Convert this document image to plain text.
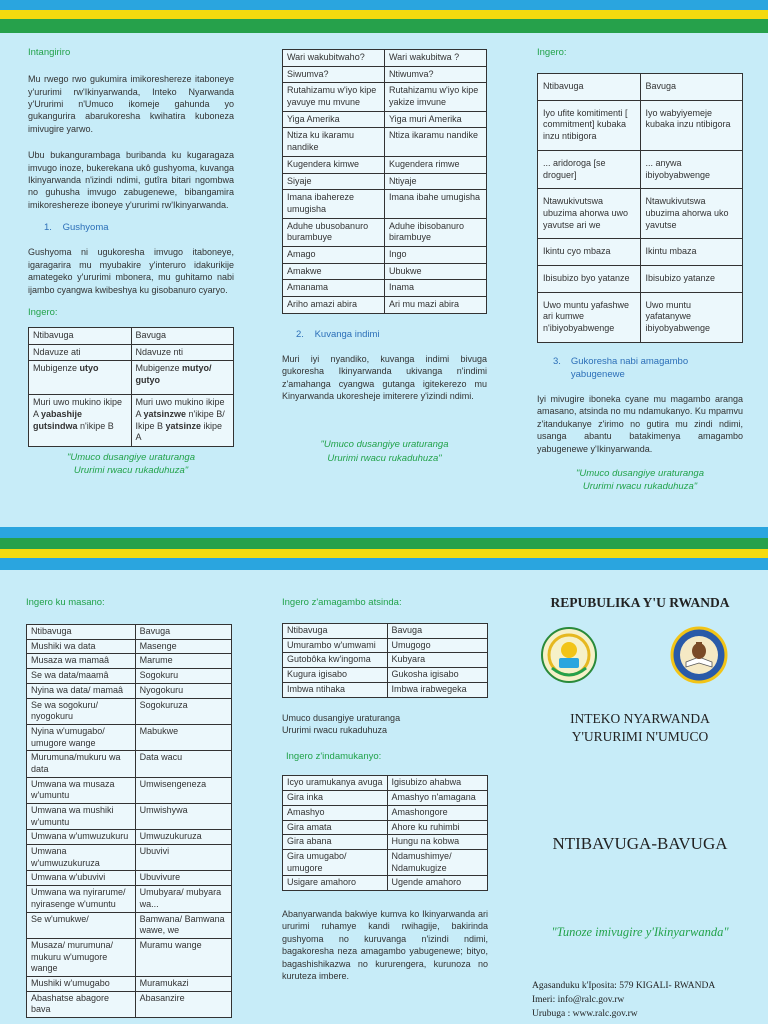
Intangiriro

Mu rwego rwo gukumira imikoreshereze itaboneye y'ururimi rw'Ikinyarwanda, Inteko Nyarwanda y'Ururimi n'Umuco ikomeje gahunda yo gukangurira abarukoresha kwihatira kuboneza imivugire yarwo.

Ubu bukangurambaga buribanda ku kugaragaza imvugo inoze, bukerekana ukô gushyoma, kuvanga Ikinyarwanda n'izindi ndimi, gutîra bitari ngombwa no guhusha imvugo zabugenewe, bibangamira imikoreshereze iboneye y'ururimi rw'Ikinyarwanda.

1. Gushyoma

Gushyoma ni ugukoresha imvugo itaboneye, igaragarira mu myubakire y'interuro idakurikije amategeko y'ururimi mbonera, mu guhitamo nabi ijambo cyangwa kwibeshya ku gisobanuro cyaryo.

Ingero:
Ntibavuga	Bavuga
Ndavuze ati	Ndavuze nti
Mubigenze utyo	Mubigenze mutyo/ gutyo
Muri uwo mukino ikipe A yabashije gutsindwa n'ikipe B	Muri uwo mukino ikipe A yatsinzwe n'ikipe B/ Ikipe B yatsinze ikipe A
"Umuco dusangiye uraturanga
Ururimi rwacu rukaduhuza"
Wari wakubitwaho?	Wari wakubitwa ?
Siwumva?	Ntiwumva?
Rutahizamu w'iyo kipe yavuye mu mvune	Rutahizamu w'iyo kipe yakize imvune
Yiga Amerika	Yiga muri Amerika
Ntiza ku ikaramu nandike	Ntiza ikaramu nandike
Kugendera kimwe	Kugendera rimwe
Siyaje	Ntiyaje
Imana ibahereze umugisha	Imana ibahe umugisha
Aduhe ubusobanuro burambuye	Aduhe ibisobanuro birambuye
Amago	Ingo
Amakwe	Ubukwe
Amanama	Inama
Ariho amazi abira	Ari mu mazi abira
2. Kuvanga indimi

Muri iyi nyandiko, kuvanga indimi bivuga gukoresha Ikinyarwanda ukivanga n'indimi z'amahanga cyangwa gutanga igitekerezo mu Kinyarwanda ukoresheje imiterere y'izindi ndimi.

"Umuco dusangiye uraturanga
Ururimi rwacu rukaduhuza"
Ingero:
Ntibavuga	Bavuga
Iyo ufite komitimenti [ commitment] kubaka inzu ntibigora	Iyo wabyiyemeje kubaka inzu ntibigora
... aridoroga [se droguer]	... anywa ibiyobyabwenge
Ntawukivutswa ubuzima ahorwa uwo yavutse ari we	Ntawukivutswa ubuzima ahorwa uko yavutse
Ikintu cyo mbaza	Ikintu mbaza
Ibisubizo byo yatanze	Ibisubizo yatanze
Uwo muntu yafashwe ari kumwe n'ibiyobyabwenge	Uwo muntu yafatanywe ibiyobyabwenge
3.	Gukoresha nabi amagambo yabugenewe

Iyi mivugire iboneka cyane mu magambo aranga amasano, atsinda no mu ndamukanyo. Ku mpamvu z'itandukanye z'irimo no gutira mu zindi ndimi, usanga abantu batakimenya amagambo yabugenewe y'Ikinyarwanda.

"Umuco dusangiye uraturanga
Ururimi rwacu rukaduhuza"
Ingero ku masano:
Ntibavuga	Bavuga
Mushiki wa data	Masenge
Musaza wa mamaâ	Marume
Se wa data/maamâ	Sogokuru
Nyina wa data/ mamaâ	Nyogokuru
Se wa sogokuru/ nyogokuru	Sogokuruza
Nyina w'umugabo/ umugore wange	Mabukwe
Murumuna/mukuru wa data	Data wacu
Umwana wa musaza w'umuntu	Umwisengeneza
Umwana wa mushiki w'umuntu	Umwishywa
Umwana w'umwuzukuru	Umwuzukuruza
Umwana w'umwuzukuruza	Ubuvivi
Umwana w'ubuvivi	Ubuvivure
Umwana wa nyirarume/ nyirasenge w'umuntu	Umubyara/ mubyara wa...
Se w'umukwe/	Bamwana/ Bamwana wawe, we
Musaza/ murumuna/ mukuru w'umugore wange	Muramu wange
Mushiki w'umugabo	Muramukazi
Abashatse abagore bava	Abasanzire
Ingero z'amagambo atsinda:
Ntibavuga	Bavuga
Umurambo w'umwami	Umugogo
Gutobôka kw'ingoma	Kubyara
Kugura igisabo	Gukosha igisabo
Imbwa ntihaka	Imbwa irabwegeka
Umuco dusangiye uraturanga
Ururimi rwacu rukaduhuza
Ingero z'indamukanyo:
Icyo uramukanya avuga	Igisubizo ahabwa
Gira inka	Amashyo n'amagana
Amashyo	Amashongore
Gira amata	Ahore ku ruhimbi
Gira abana	Hungu na kobwa
Gira umugabo/ umugore	Ndamushimye/ Ndamukugize
Usigare amahoro	Ugende amahoro

Abanyarwanda bakwiye kumva ko Ikinyarwanda ari ururimi ruhamye kandi rwihagije, bakirinda gushyoma no kuruvanga n'izindi ndimi, bagakoresha neza amagambo yabugenewe; bityo, bagashishikazwa no kururengera, kurunoza no kuruteza imbere.

REPUBULIKA Y'U RWANDA
INTEKO NYARWANDA
Y'URURIMI N'UMUCO
NTIBAVUGA-BAVUGA
"Tunoze imivugire y'Ikinyarwanda"
Agasanduku k'Iposita: 579 KIGALI- RWANDA
Imeri: info@ralc.gov.rw
Urubuga : www.ralc.gov.rw
